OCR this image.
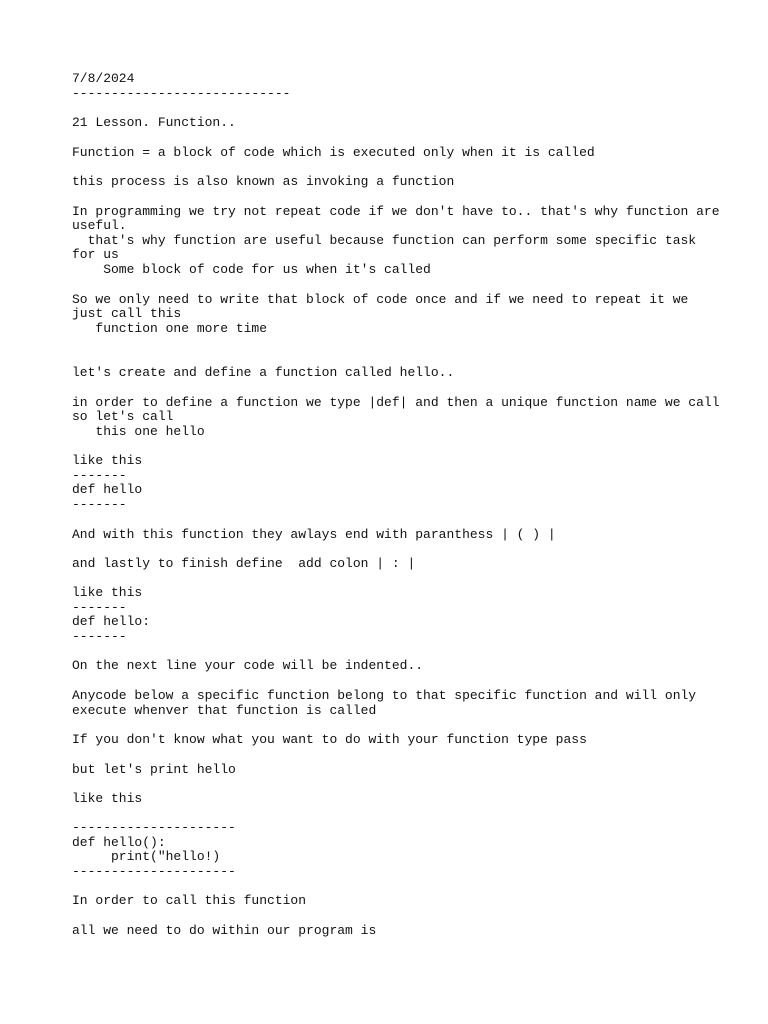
7/8/2024

----------------------------

21 Lesson. Function..

Function = a block of code which is executed only when it is called

this process is also known as invoking a function

In programming we try not repeat code if we don't have to.. that's why function are

useful.

that's why function are useful because function can perform some specific task

for us

Some block of code for us when it's called

So we only need to write that block of code once and if we need to repeat it we

just call this

function one more time

let's create and define a function called hello..

in order to define a function we type |def| and then a unique function name we call

so let's call

this one hello

like this

-------

def hello

-------

And with this function they awlays end with paranthess | ( ) |

and lastly to finish define  add colon | : |

like this

-------

def hello:

-------

On the next line your code will be indented..

Anycode below a specific function belong to that specific function and will only

execute whenver that function is called

If you don't know what you want to do with your function type pass

but let's print hello

like this

---------------------

def hello():

print("hello!)

---------------------

In order to call this function

all we need to do within our program is
